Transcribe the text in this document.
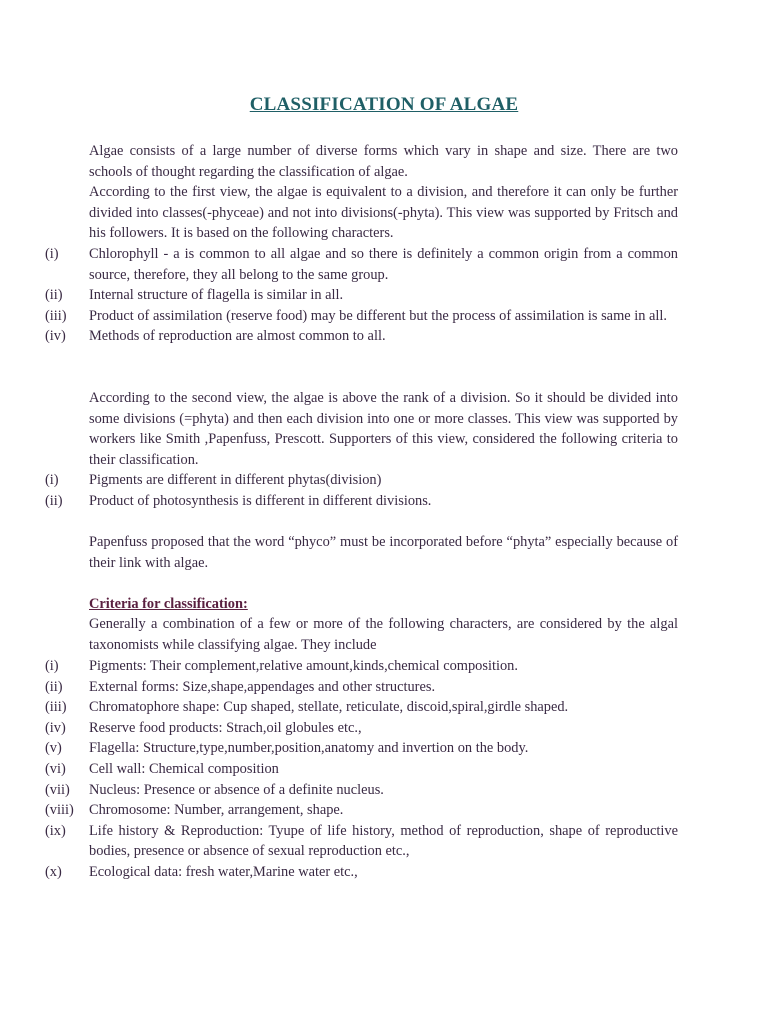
CLASSIFICATION OF ALGAE
Algae consists of a large number of diverse forms which vary in shape and size. There are two schools of thought regarding the classification of algae.
According to the first view, the algae is equivalent to a division, and therefore it can only be further divided into classes(-phyceae) and not into divisions(-phyta). This view was supported by Fritsch and his followers. It is based on the following characters.
(i)	Chlorophyll - a is common to all algae and so there is definitely a common origin from a common source, therefore, they all belong to the same group.
(ii)	Internal structure of flagella is similar in all.
(iii)	Product of assimilation (reserve food) may be different but the process of assimilation is same in all.
(iv)	Methods of reproduction are almost common to all.
According to the second view, the algae is above the rank of a division. So it should be divided into some divisions (=phyta) and then each division into one or more classes. This view was supported by workers like Smith ,Papenfuss, Prescott. Supporters of this view, considered the following criteria to their classification.
(i)	Pigments are different in different phytas(division)
(ii)	Product of photosynthesis is different in different divisions.
Papenfuss proposed that the word “phyco” must be incorporated before “phyta” especially because of their link with algae.
Criteria for classification:
Generally a combination of a few or more of the following characters, are considered by the algal taxonomists while classifying algae. They include
(i)	Pigments: Their complement,relative amount,kinds,chemical composition.
(ii)	External forms: Size,shape,appendages and other structures.
(iii)	Chromatophore shape: Cup shaped, stellate, reticulate, discoid,spiral,girdle shaped.
(iv)	Reserve food products: Strach,oil globules etc.,
(v)	Flagella: Structure,type,number,position,anatomy and invertion on the body.
(vi)	Cell wall: Chemical composition
(vii)	Nucleus: Presence or absence of a definite nucleus.
(viii)	Chromosome: Number, arrangement, shape.
(ix)	Life history & Reproduction: Tyupe of life history, method of reproduction, shape of reproductive bodies, presence or absence of sexual reproduction etc.,
(x)	Ecological data: fresh water,Marine water etc.,
